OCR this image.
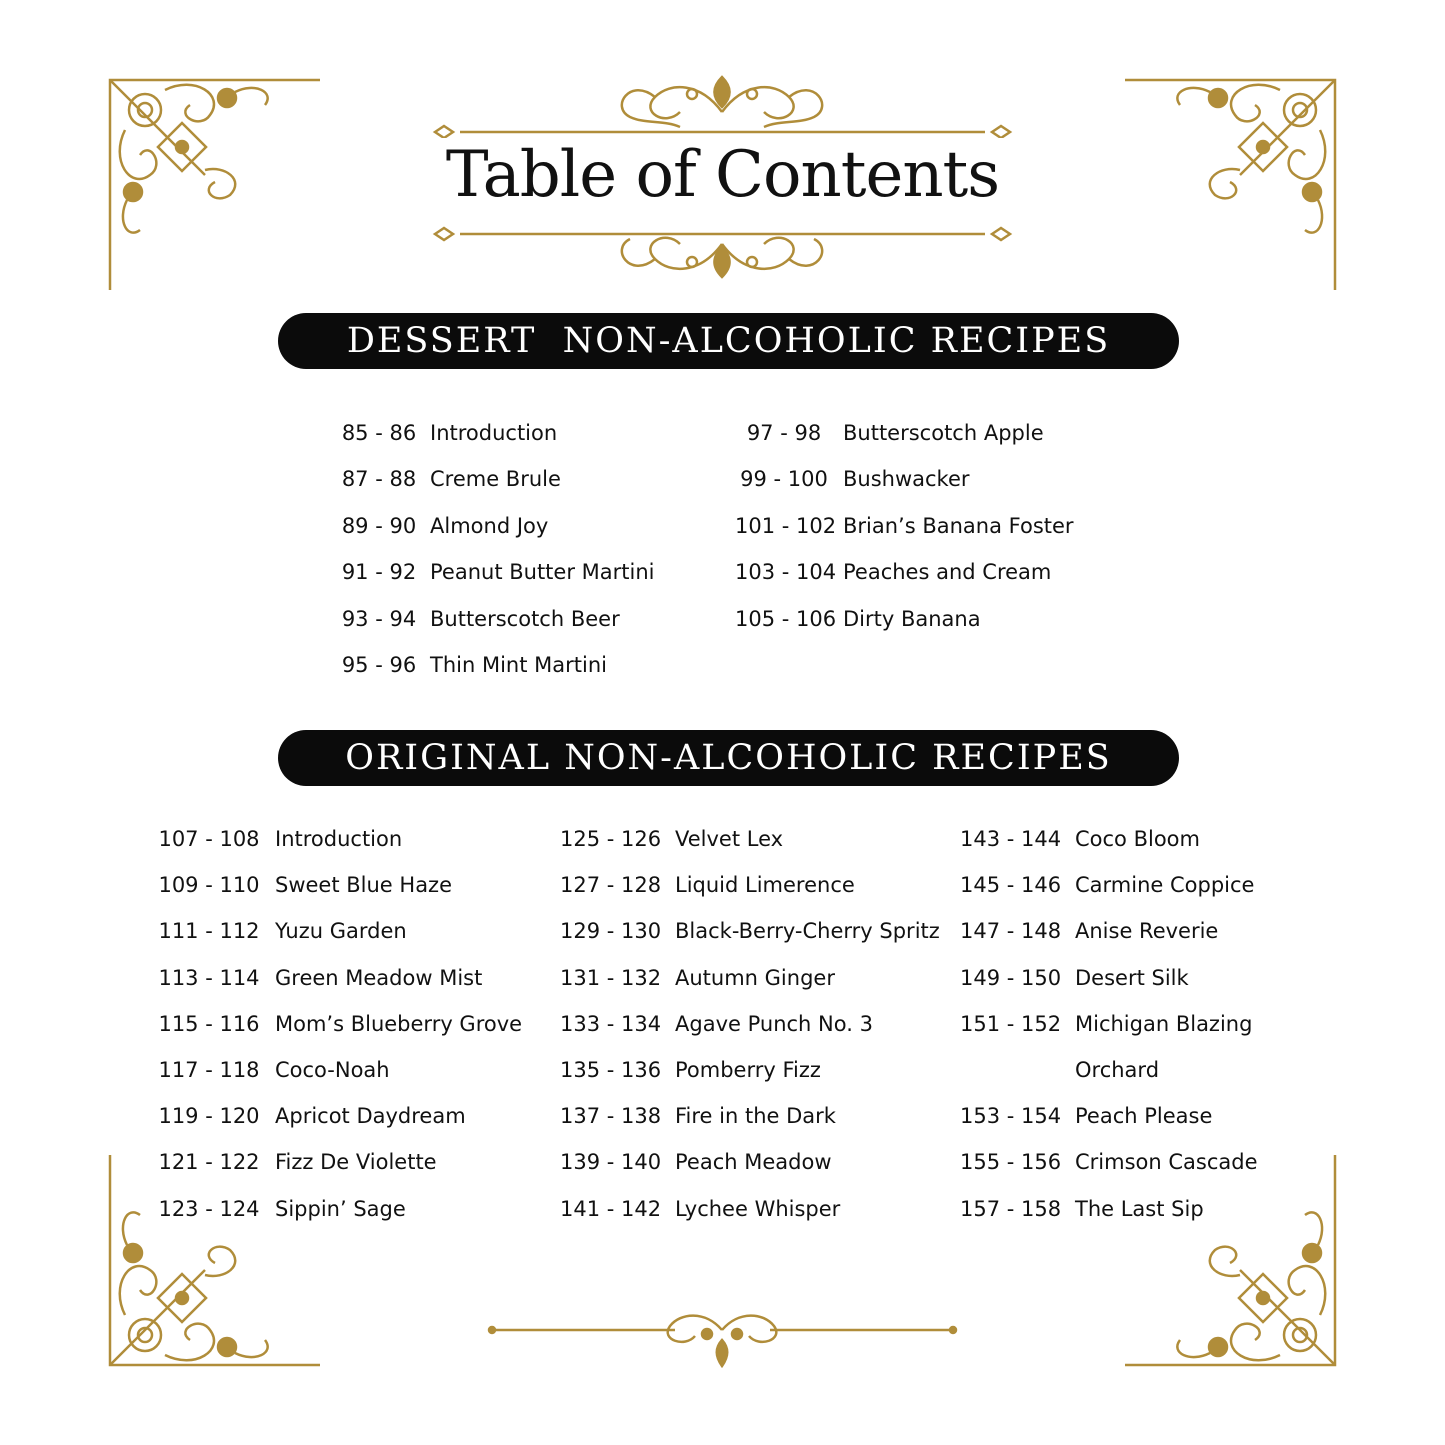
Table of Contents
DESSERT  NON-ALCOHOLIC RECIPES
ORIGINAL NON-ALCOHOLIC RECIPES
85 - 86 Introduction
87 - 88 Creme Brule
89 - 90 Almond Joy
91 - 92 Peanut Butter Martini
93 - 94 Butterscotch Beer
95 - 96 Thin Mint Martini
97 - 98	Butterscotch Apple
99 - 100 Bushwacker
101 - 102 Brian’s Banana Foster
103 - 104 Peaches and Cream
105 - 106 Dirty Banana
107 - 108 Introduction
109 - 110 Sweet Blue Haze
111 - 112 Yuzu Garden
113 - 114 Green Meadow Mist
115 - 116 Mom’s Blueberry Grove
117 - 118 Coco-Noah
119 - 120 Apricot Daydream
121 - 122 Fizz De Violette
123 - 124 Sippin’ Sage
125 - 126 Velvet Lex
127 - 128 Liquid Limerence
129 - 130 Black-Berry-Cherry Spritz
131 - 132 Autumn Ginger
133 - 134 Agave Punch No. 3
135 - 136 Pomberry Fizz
137 - 138 Fire in the Dark
139 - 140 Peach Meadow
141 - 142 Lychee Whisper
143 - 144 Coco Bloom
145 - 146 Carmine Coppice
147 - 148 Anise Reverie
149 - 150 Desert Silk
151 - 152 Michigan Blazing
Orchard
153 - 154 Peach Please
155 - 156 Crimson Cascade
157 - 158 The Last Sip
